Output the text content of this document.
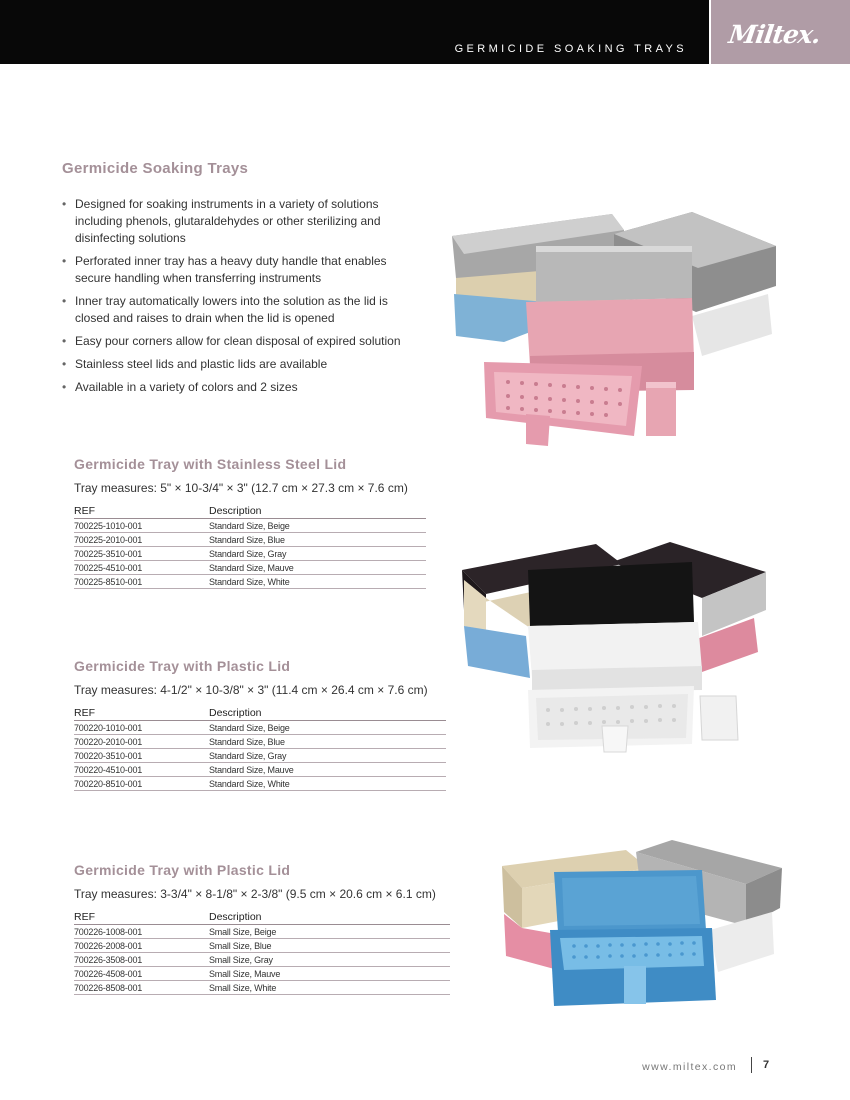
GERMICIDE SOAKING TRAYS Miltex.
Germicide Soaking Trays
• Designed for soaking instruments in a variety of solutions including phenols, glutaraldehydes or other sterilizing and disinfecting solutions
• Perforated inner tray has a heavy duty handle that enables secure handling when transferring instruments
• Inner tray automatically lowers into the solution as the lid is closed and raises to drain when the lid is opened
• Easy pour corners allow for clean disposal of expired solution
• Stainless steel lids and plastic lids are available
• Available in a variety of colors and 2 sizes
Germicide Tray with Stainless Steel Lid
Tray measures: 5" × 10-3/4" × 3" (12.7 cm × 27.3 cm × 7.6 cm)
REF	Description
700225-1010-001	Standard Size, Beige
700225-2010-001	Standard Size, Blue
700225-3510-001	Standard Size, Gray
700225-4510-001	Standard Size, Mauve
700225-8510-001	Standard Size, White
Germicide Tray with Plastic Lid
Tray measures: 4-1/2" × 10-3/8" × 3" (11.4 cm × 26.4 cm × 7.6 cm)
REF	Description
700220-1010-001	Standard Size, Beige
700220-2010-001	Standard Size, Blue
700220-3510-001	Standard Size, Gray
700220-4510-001	Standard Size, Mauve
700220-8510-001	Standard Size, White
Germicide Tray with Plastic Lid
Tray measures: 3-3/4" × 8-1/8" × 2-3/8" (9.5 cm × 20.6 cm × 6.1 cm)
REF	Description
700226-1008-001	Small Size, Beige
700226-2008-001	Small Size, Blue
700226-3508-001	Small Size, Gray
700226-4508-001	Small Size, Mauve
700226-8508-001	Small Size, White
www.miltex.com 7
